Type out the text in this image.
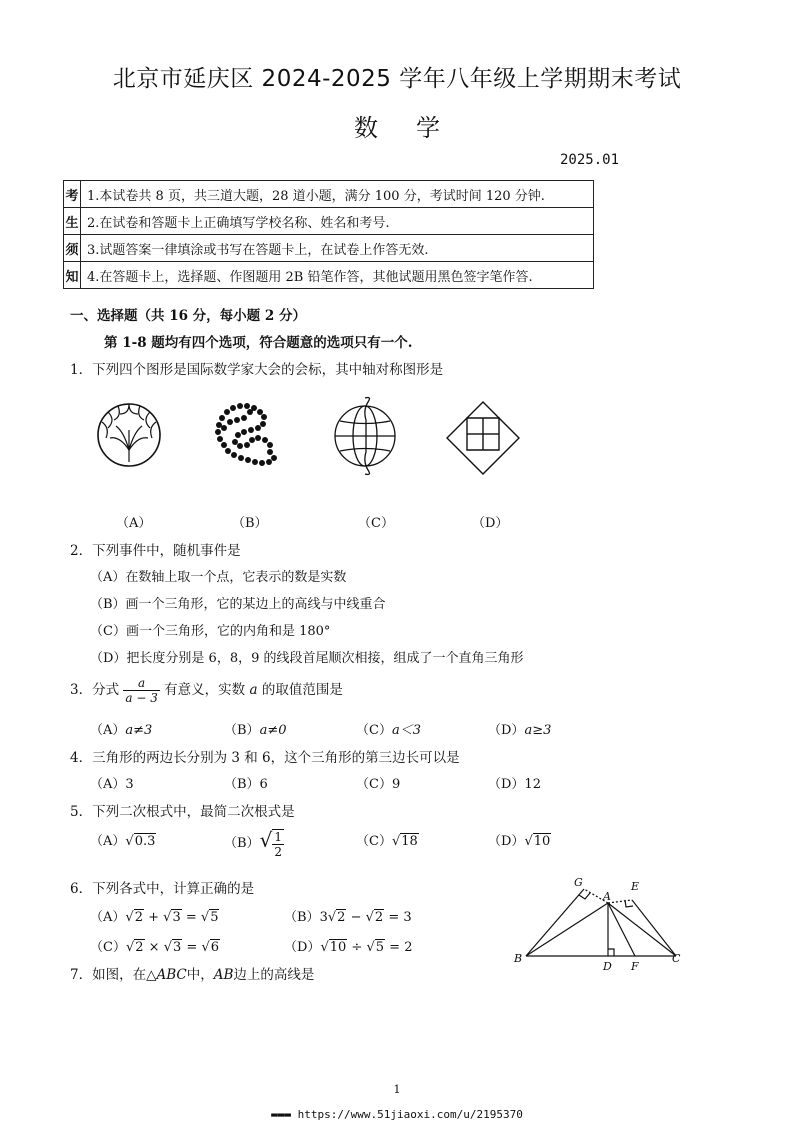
北京市延庆区 2024-2025 学年八年级上学期期末考试
数学
2025.01
考	1.本试卷共 8 页，共三道大题，28 道小题，满分 100 分，考试时间 120 分钟.
生	2.在试卷和答题卡上正确填写学校名称、姓名和考号.
须	3.试题答案一律填涂或书写在答题卡上，在试卷上作答无效.
知	4.在答题卡上，选择题、作图题用 2B 铅笔作答，其他试题用黑色签字笔作答.
一、选择题（共 16 分，每小题 2 分）
第 1-8 题均有四个选项，符合题意的选项只有一个.
1．下列四个图形是国际数学家大会的会标，其中轴对称图形是
（A）	（B）	（C）	（D）
2．下列事件中，随机事件是
（A）在数轴上取一个点，它表示的数是实数
（B）画一个三角形，它的某边上的高线与中线重合
（C）画一个三角形，它的内角和是 180°
（D）把长度分别是 6，8，9 的线段首尾顺次相接，组成了一个直角三角形
3．分式 $\frac{a}{a - 3}$ 有意义，实数 a 的取值范围是
（A）a≠3	（B）a≠0	（C）a＜3	（D）a≥3
4．三角形的两边长分别为 3 和 6，这个三角形的第三边长可以是
（A）3	（B）6	（C）9	（D）12
5．下列二次根式中，最简二次根式是
（A）√0.3	$(B)√ \frac{1}{2}$	（C）√18	（D）√10
6．下列各式中，计算正确的是
（A）√2 + √3 = √5	（B）3√2 − √2 = 3
（C）√2 × √3 = √6	（D）√10 ÷ √5 = 2
7．如图，在△ABC中，AB边上的高线是
G	E
A
B
D F
C
1
▬▬▬ https://www.51jiaoxi.com/u/2195370
